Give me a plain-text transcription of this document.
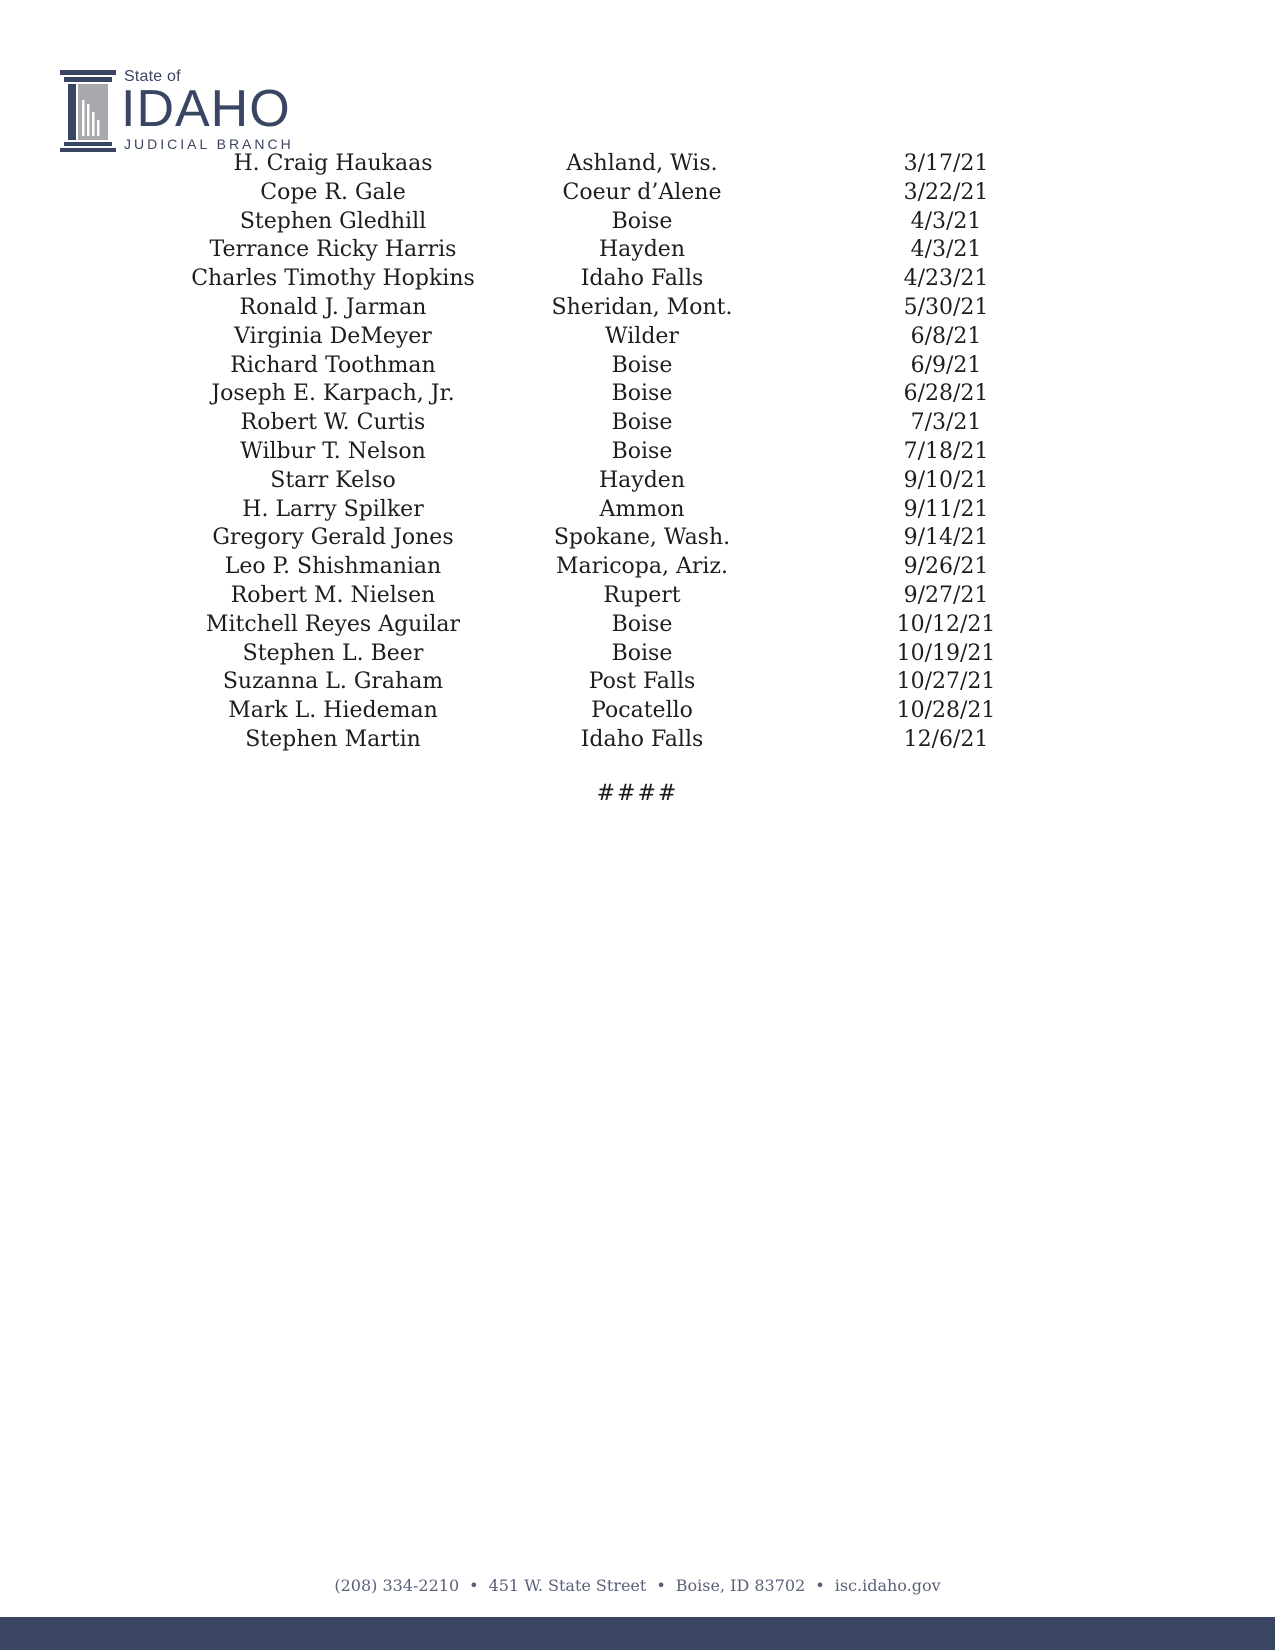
State of
IDAHO
JUDICIAL BRANCH
H. Craig Haukaas	Ashland, Wis.	3/17/21
Cope R. Gale	Coeur d’Alene	3/22/21
Stephen Gledhill	Boise	4/3/21
Terrance Ricky Harris	Hayden	4/3/21
Charles Timothy Hopkins	Idaho Falls	4/23/21
Ronald J. Jarman	Sheridan, Mont.	5/30/21
Virginia DeMeyer	Wilder	6/8/21
Richard Toothman	Boise	6/9/21
Joseph E. Karpach, Jr.	Boise	6/28/21
Robert W. Curtis	Boise	7/3/21
Wilbur T. Nelson	Boise	7/18/21
Starr Kelso	Hayden	9/10/21
H. Larry Spilker	Ammon	9/11/21
Gregory Gerald Jones	Spokane, Wash.	9/14/21
Leo P. Shishmanian	Maricopa, Ariz.	9/26/21
Robert M. Nielsen	Rupert	9/27/21
Mitchell Reyes Aguilar	Boise	10/12/21
Stephen L. Beer	Boise	10/19/21
Suzanna L. Graham	Post Falls	10/27/21
Mark L. Hiedeman	Pocatello	10/28/21
Stephen Martin	Idaho Falls	12/6/21
####
(208) 334-2210 • 451 W. State Street • Boise, ID 83702 • isc.idaho.gov
